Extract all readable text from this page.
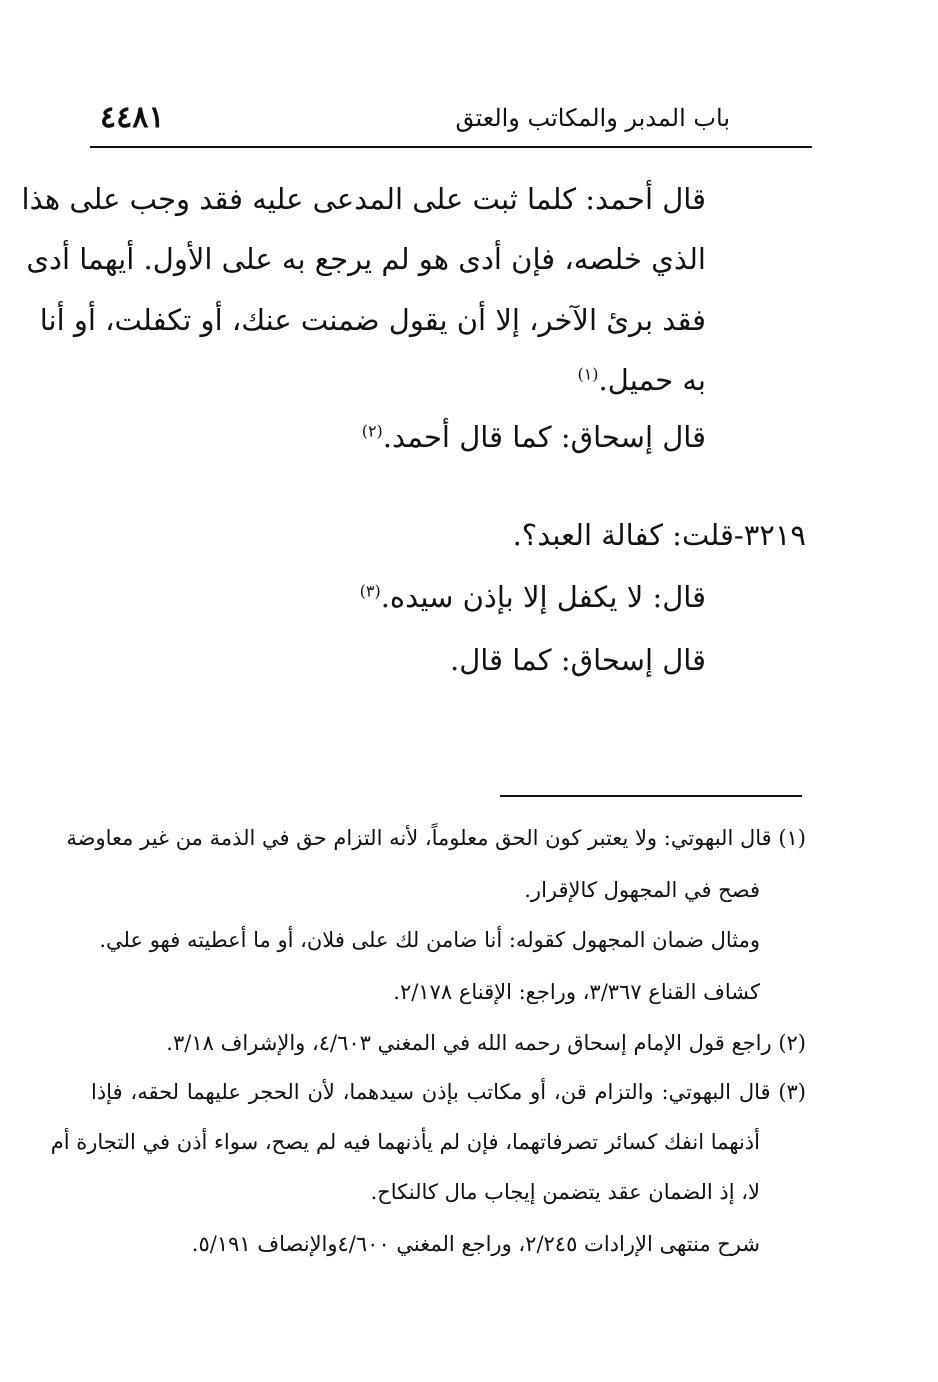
باب المدبر والمكاتب والعتق
٤٤٨١
قال أحمد: كلما ثبت على المدعى عليه فقد وجب على هذا
الذي خلصه، فإن أدى هو لم يرجع به على الأول. أيهما أدى
فقد برئ الآخر، إلا أن يقول ضمنت عنك، أو تكفلت، أو أنا
به حميل.$^{(١)}$
قال إسحاق: كما قال أحمد.$^{(٢)}$
٣٢١٩-قلت: كفالة العبد؟.
قال: لا يكفل إلا بإذن سيده.$^{(٣)}$
قال إسحاق: كما قال.
(١) قال البهوتي: ولا يعتبر كون الحق معلوماً، لأنه التزام حق في الذمة من غير معاوضة
فصح في المجهول كالإقرار.
ومثال ضمان المجهول كقوله: أنا ضامن لك على فلان، أو ما أعطيته فهو علي.
كشاف القناع ٣/٣٦٧، وراجع: الإقناع ٢/١٧٨.
(٢) راجع قول الإمام إسحاق رحمه الله في المغني ٤/٦٠٣، والإشراف ٣/١٨.
(٣) قال البهوتي: والتزام قن، أو مكاتب بإذن سيدهما، لأن الحجر عليهما لحقه، فإذا
أذنهما انفك كسائر تصرفاتهما، فإن لم يأذنهما فيه لم يصح، سواء أذن في التجارة أم
لا، إذ الضمان عقد يتضمن إيجاب مال كالنكاح.
شرح منتهى الإرادات ٢/٢٤٥، وراجع المغني ٤/٦٠٠والإنصاف ٥/١٩١.
